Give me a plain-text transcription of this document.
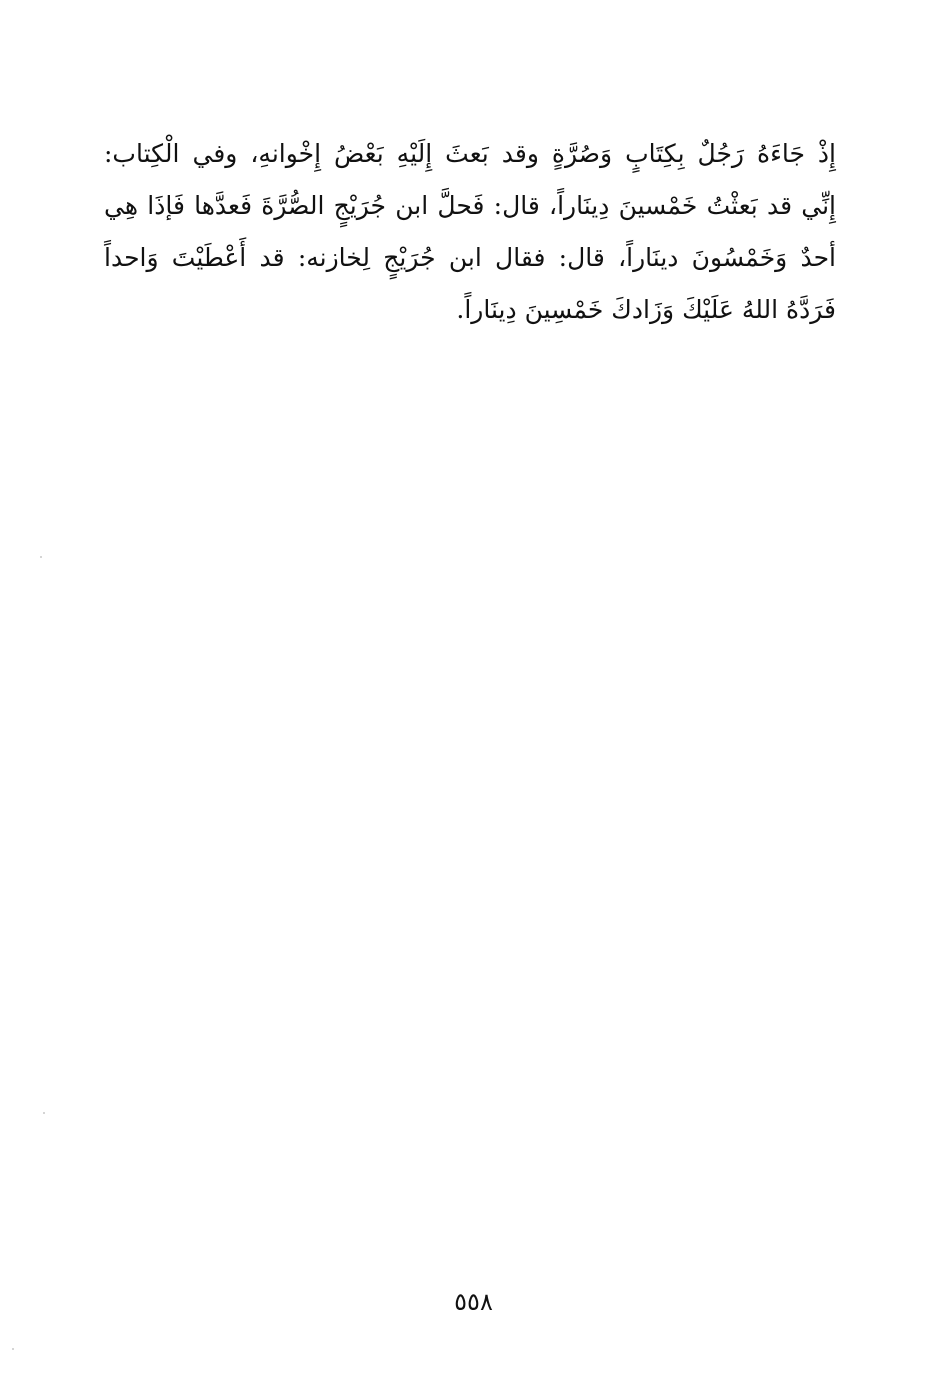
إِذْ جَاءَهُ رَجُلٌ بِكِتَابٍ وَصُرَّةٍ وقد بَعثَ إِلَيْهِ بَعْضُ إِخْوانهِ، وفي الْكِتاب:
إِنِّي قد بَعثْتُ خَمْسينَ دِينَاراً، قال: فَحلَّ ابن جُرَيْجٍ الصُّرَّةَ فَعدَّها فَإذَا هِي
أحدٌ وَخَمْسُونَ دينَاراً، قال: فقال ابن جُرَيْجٍ لِخازنه: قد أَعْطَيْتَ وَاحداً
فَرَدَّهُ اللهُ عَلَيْكَ وَزَادكَ خَمْسِينَ دِينَاراً.
٥٥٨
